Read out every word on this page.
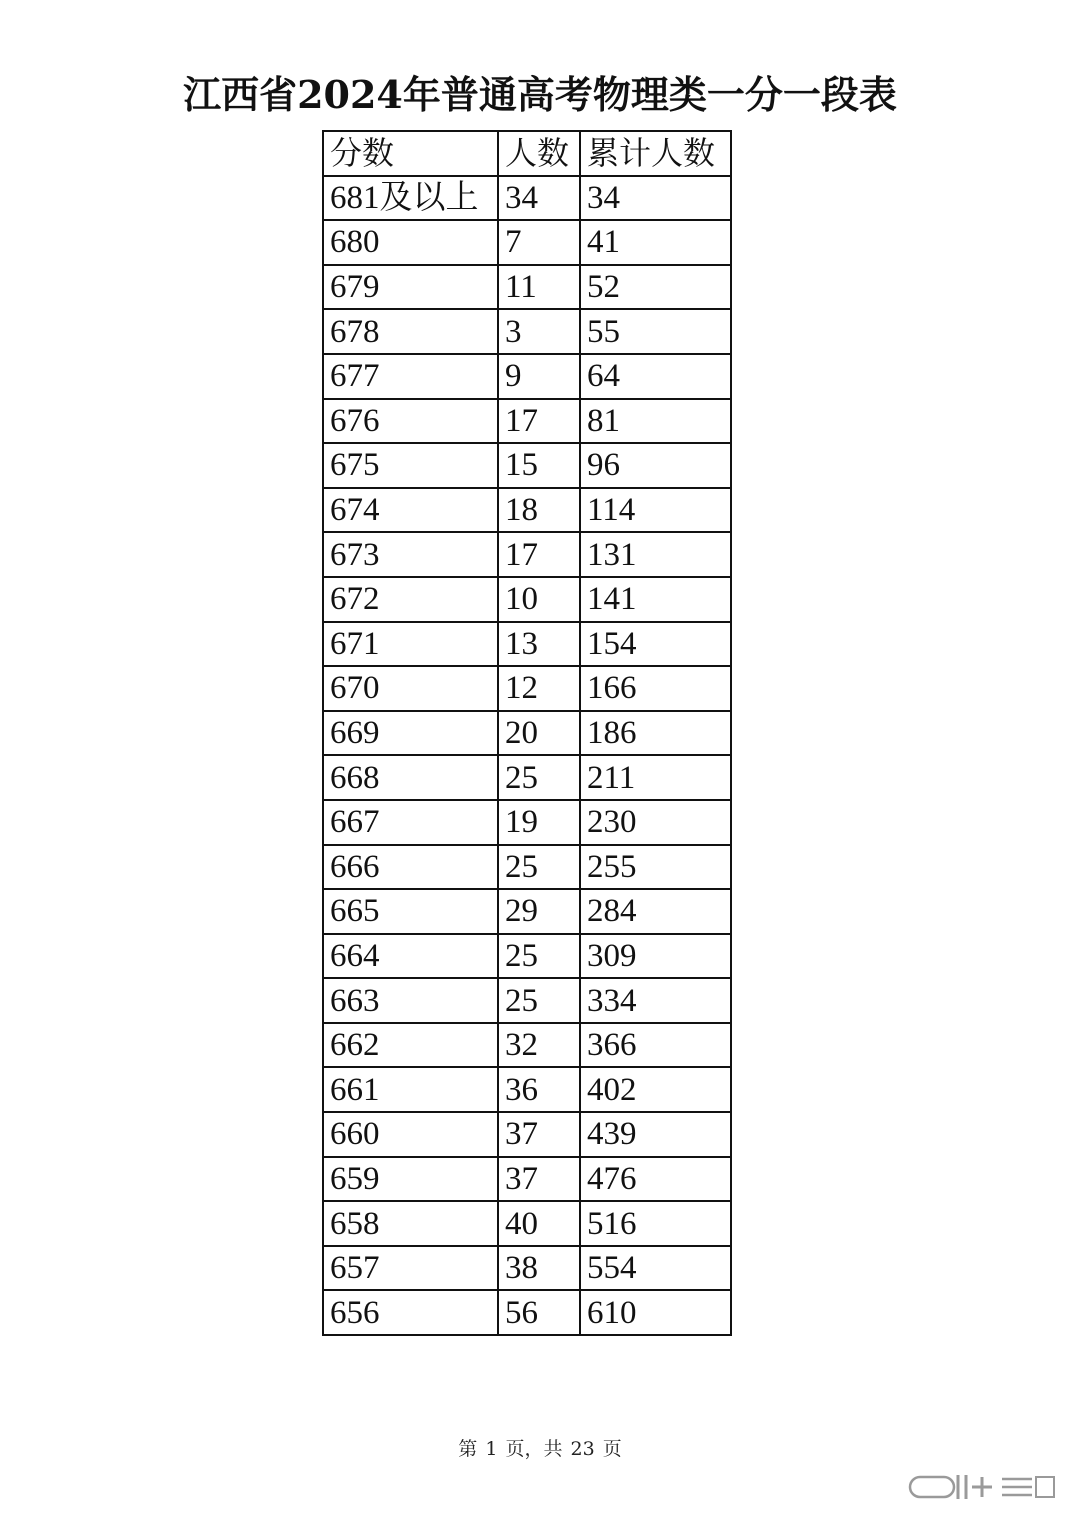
江西省2024年普通高考物理类一分一段表
分数	人数	累计人数
681及以上	34	34
680	7	41
679	11	52
678	3	55
677	9	64
676	17	81
675	15	96
674	18	114
673	17	131
672	10	141
671	13	154
670	12	166
669	20	186
668	25	211
667	19	230
666	25	255
665	29	284
664	25	309
663	25	334
662	32	366
661	36	402
660	37	439
659	37	476
658	40	516
657	38	554
656	56	610
第 1 页，共 23 页
